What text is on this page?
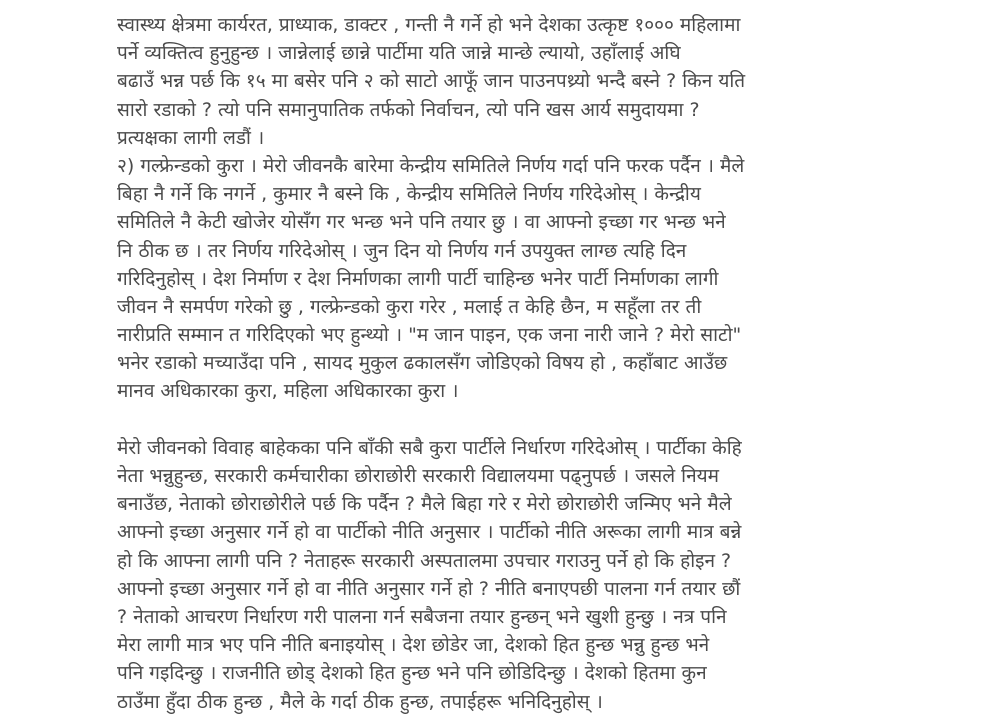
स्वास्थ्य क्षेत्रमा कार्यरत, प्राध्याक, डाक्टर , गन्ती नै गर्ने हो भने देशका उत्कृष्ट १००० महिलामा
पर्ने व्यक्तित्व हुनुहुन्छ । जान्नेलाई छान्ने पार्टीमा यति जान्ने मान्छे ल्यायो, उहाँलाई अघि
बढाउँ भन्न पर्छ कि १५ मा बसेर पनि २ को साटो आफूँ जान पाउनपथ्र्यो भन्दै बस्ने ? किन यति
सारो रडाको ? त्यो पनि समानुपातिक तर्फको निर्वाचन, त्यो पनि खस आर्य समुदायमा ?
प्रत्यक्षका लागी लडौं ।
२) गल्फ्रेन्डको कुरा । मेरो जीवनकै बारेमा केन्द्रीय समितिले निर्णय गर्दा पनि फरक पर्दैन । मैले
बिहा नै गर्ने कि नगर्ने , कुमार नै बस्ने कि , केन्द्रीय समितिले निर्णय गरिदेओस् । केन्द्रीय
समितिले नै केटी खोजेर योसँग गर भन्छ भने पनि तयार छु । वा आफ्नो इच्छा गर भन्छ भने
नि ठीक छ । तर निर्णय गरिदेओस् । जुन दिन यो निर्णय गर्न उपयुक्त लाग्छ त्यहि दिन
गरिदिनुहोस् । देश निर्माण र देश निर्माणका लागी पार्टी चाहिन्छ भनेर पार्टी निर्माणका लागी
जीवन नै समर्पण गरेको छु , गल्फ्रेन्डको कुरा गरेर , मलाई त केहि छैन, म सहूँला तर ती
नारीप्रति सम्मान त गरिदिएको भए हुन्थ्यो । "म जान पाइन, एक जना नारी जाने ? मेरो साटो"
भनेर रडाको मच्याउँदा पनि , सायद मुकुल ढकालसँग जोडिएको विषय हो , कहाँबाट आउँछ
मानव अधिकारका कुरा, महिला अधिकारका कुरा ।
मेरो जीवनको विवाह बाहेकका पनि बाँकी सबै कुरा पार्टीले निर्धारण गरिदेओस् । पार्टीका केहि
नेता भन्नुहुन्छ, सरकारी कर्मचारीका छोराछोरी सरकारी विद्यालयमा पढ्नुपर्छ । जसले नियम
बनाउँछ, नेताको छोराछोरीले पर्छ कि पर्दैन ? मैले बिहा गरे र मेरो छोराछोरी जन्मिए भने मैले
आफ्नो इच्छा अनुसार गर्ने हो वा पार्टीको नीति अनुसार । पार्टीको नीति अरूका लागी मात्र बन्ने
हो कि आफ्ना लागी पनि ? नेताहरू सरकारी अस्पतालमा उपचार गराउनु पर्ने हो कि होइन ?
आफ्नो इच्छा अनुसार गर्ने हो वा नीति अनुसार गर्ने हो ? नीति बनाएपछी पालना गर्न तयार छौं
? नेताको आचरण निर्धारण गरी पालना गर्न सबैजना तयार हुन्छन् भने खुशी हुन्छु । नत्र पनि
मेरा लागी मात्र भए पनि नीति बनाइयोस् । देश छोडेर जा, देशको हित हुन्छ भन्नु हुन्छ भने
पनि गइदिन्छु । राजनीति छोड् देशको हित हुन्छ भने पनि छोडिदिन्छु । देशको हितमा कुन
ठाउँमा हुँदा ठीक हुन्छ , मैले के गर्दा ठीक हुन्छ, तपाईहरू भनिदिनुहोस् ।
